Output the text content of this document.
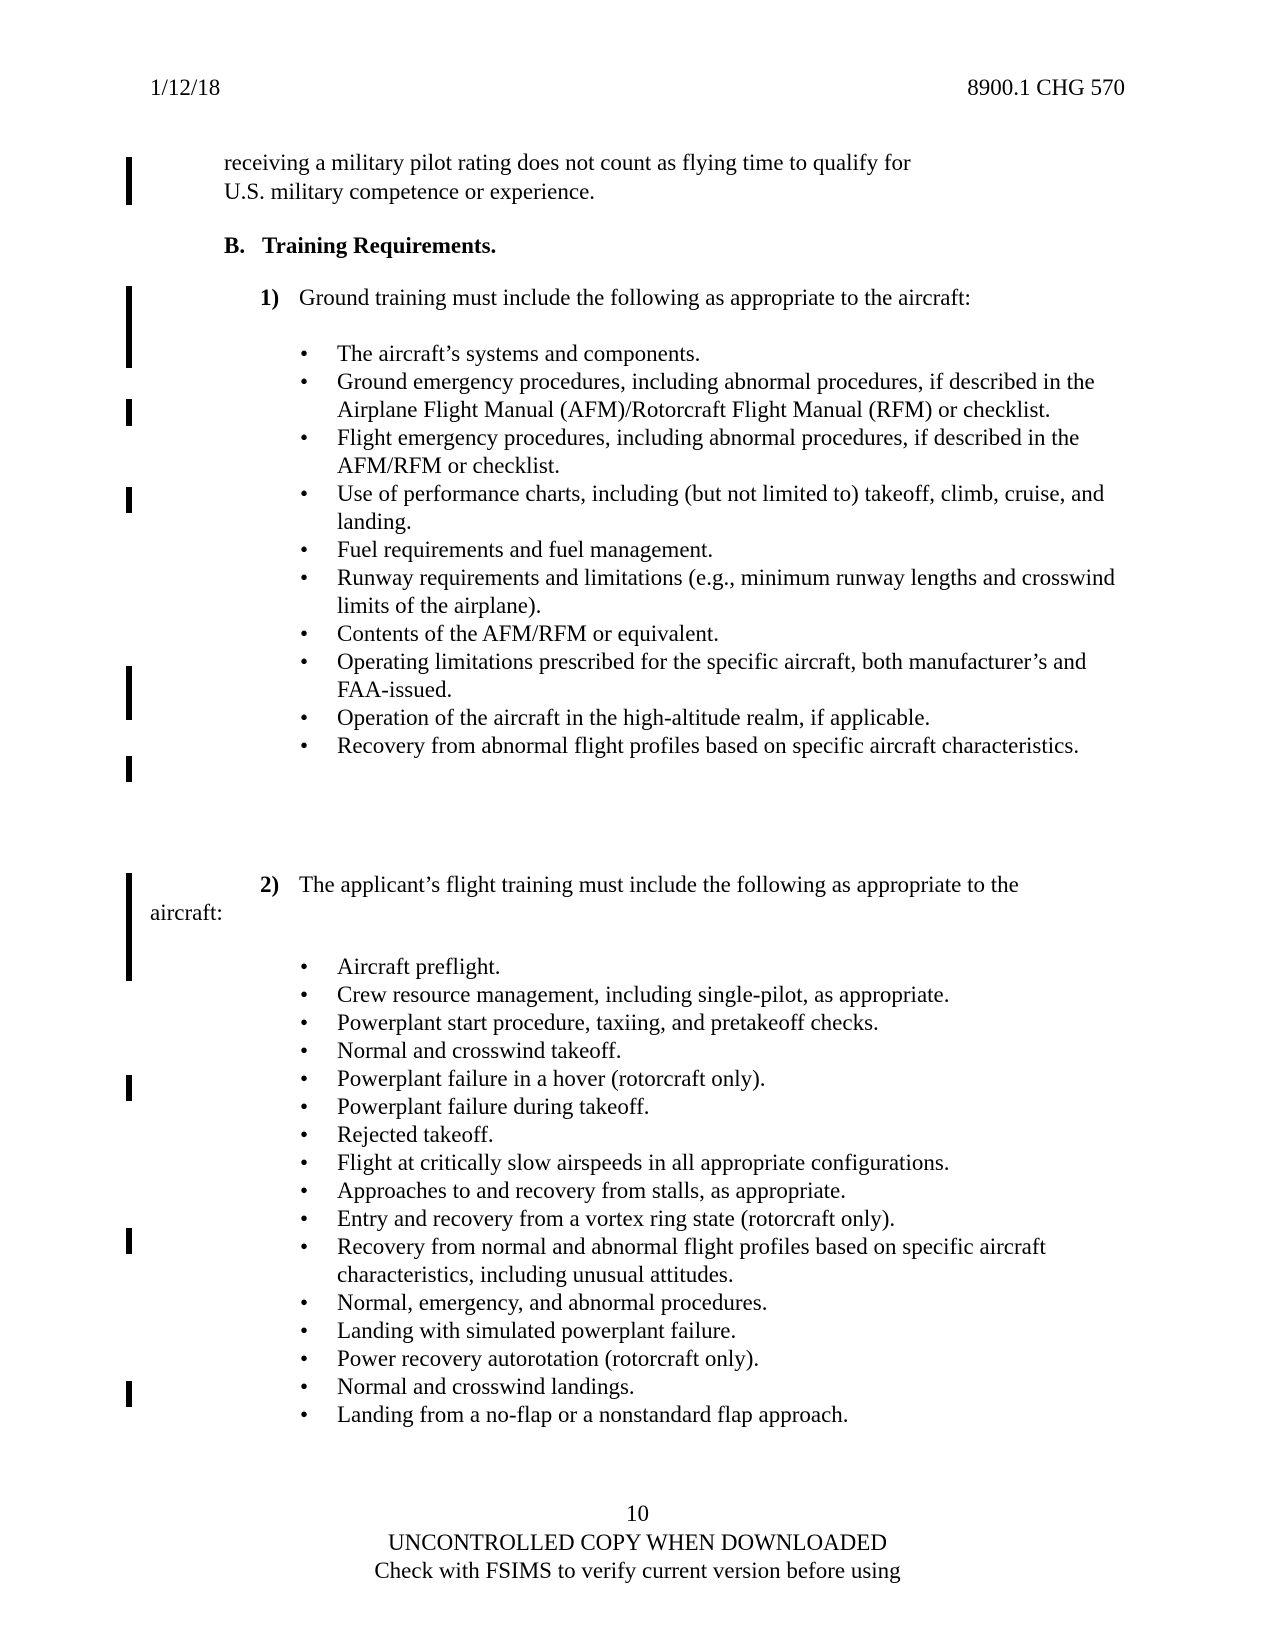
1/12/18	8900.1 CHG 570
receiving a military pilot rating does not count as flying time to qualify for
U.S. military competence or experience.
B. Training Requirements.
1) Ground training must include the following as appropriate to the aircraft:
• The aircraft’s systems and components.
• Ground emergency procedures, including abnormal procedures, if described in the Airplane Flight Manual (AFM)/Rotorcraft Flight Manual (RFM) or checklist.
• Flight emergency procedures, including abnormal procedures, if described in the AFM/RFM or checklist.
• Use of performance charts, including (but not limited to) takeoff, climb, cruise, and landing.
• Fuel requirements and fuel management.
• Runway requirements and limitations (e.g., minimum runway lengths and crosswind limits of the airplane).
• Contents of the AFM/RFM or equivalent.
• Operating limitations prescribed for the specific aircraft, both manufacturer’s and FAA-issued.
• Operation of the aircraft in the high-altitude realm, if applicable.
• Recovery from abnormal flight profiles based on specific aircraft characteristics.
2) The applicant’s flight training must include the following as appropriate to the
aircraft:
• Aircraft preflight.
• Crew resource management, including single-pilot, as appropriate.
• Powerplant start procedure, taxiing, and pretakeoff checks.
• Normal and crosswind takeoff.
• Powerplant failure in a hover (rotorcraft only).
• Powerplant failure during takeoff.
• Rejected takeoff.
• Flight at critically slow airspeeds in all appropriate configurations.
• Approaches to and recovery from stalls, as appropriate.
• Entry and recovery from a vortex ring state (rotorcraft only).
• Recovery from normal and abnormal flight profiles based on specific aircraft characteristics, including unusual attitudes.
• Normal, emergency, and abnormal procedures.
• Landing with simulated powerplant failure.
• Power recovery autorotation (rotorcraft only).
• Normal and crosswind landings.
• Landing from a no-flap or a nonstandard flap approach.
10
UNCONTROLLED COPY WHEN DOWNLOADED
Check with FSIMS to verify current version before using
